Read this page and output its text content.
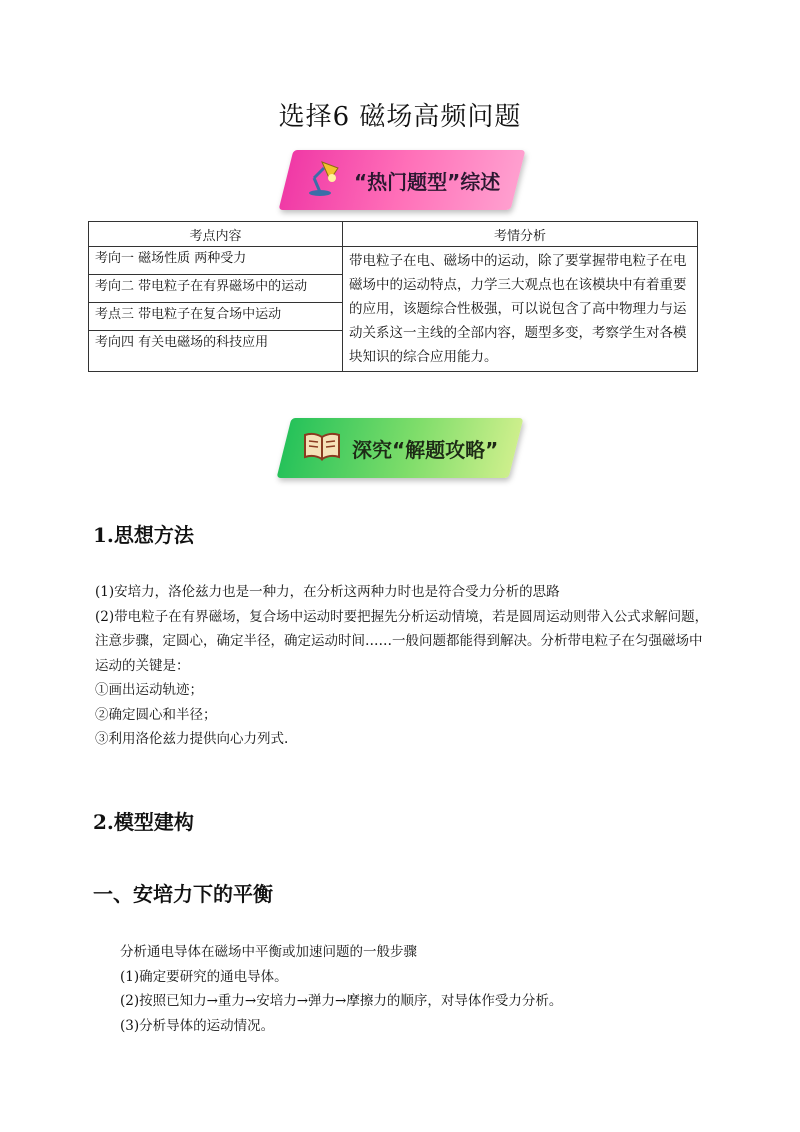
选择6 磁场高频问题
“热门题型”综述
考点内容	考情分析

考向一 磁场性质 两种受力
考向二 带电粒子在有界磁场中的运动
考点三 带电粒子在复合场中运动
考向四 有关电磁场的科技应用	带电粒子在电、磁场中的运动，除了要掌握带电粒子在电磁场中的运动特点，力学三大观点也在该模块中有着重要的应用，该题综合性极强，可以说包含了高中物理力与运动关系这一主线的全部内容，题型多变，考察学生对各模块知识的综合应用能力。
深究“解题攻略”
1.思想方法

(1)安培力，洛伦兹力也是一种力，在分析这两种力时也是符合受力分析的思路

(2)带电粒子在有界磁场，复合场中运动时要把握先分析运动情境，若是圆周运动则带入公式求解问题，注意步骤，定圆心，确定半径，确定运动时间……一般问题都能得到解决。分析带电粒子在匀强磁场中运动的关键是：

①画出运动轨迹；

②确定圆心和半径；

③利用洛伦兹力提供向心力列式.

2.模型建构
一、安培力下的平衡

分析通电导体在磁场中平衡或加速问题的一般步骤

(1)确定要研究的通电导体。

(2)按照已知力→重力→安培力→弹力→摩擦力的顺序，对导体作受力分析。

(3)分析导体的运动情况。
